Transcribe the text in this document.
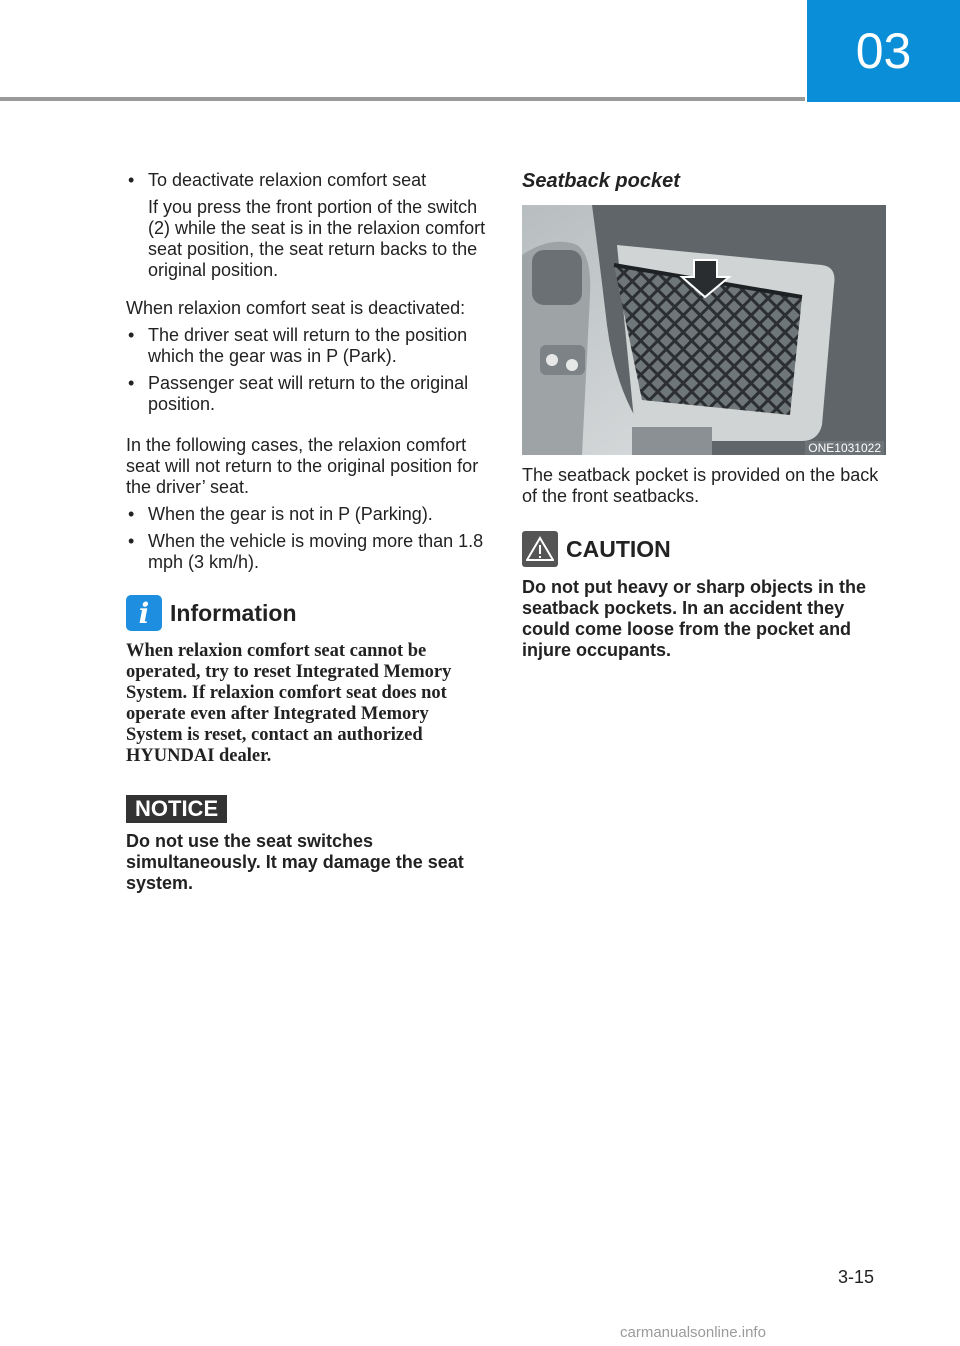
03
• To deactivate relaxion comfort seat
If you press the front portion of the switch (2) while the seat is in the relaxion comfort seat position, the seat return backs to the original position.
When relaxion comfort seat is deactivated:
• The driver seat will return to the position which the gear was in P (Park).
• Passenger seat will return to the original position.
In the following cases, the relaxion comfort seat will not return to the original position for the driver’ seat.
• When the gear is not in P (Parking).
• When the vehicle is moving more than 1.8 mph (3 km/h).
i Information
When relaxion comfort seat cannot be operated, try to reset Integrated Memory System. If relaxion comfort seat does not operate even after Integrated Memory System is reset, contact an authorized HYUNDAI dealer.
NOTICE
Do not use the seat switches simultaneously. It may damage the seat system.
Seatback pocket
ONE1031022
The seatback pocket is provided on the back of the front seatbacks.
CAUTION
Do not put heavy or sharp objects in the seatback pockets. In an accident they could come loose from the pocket and injure occupants.
3-15
carmanualsonline.info
